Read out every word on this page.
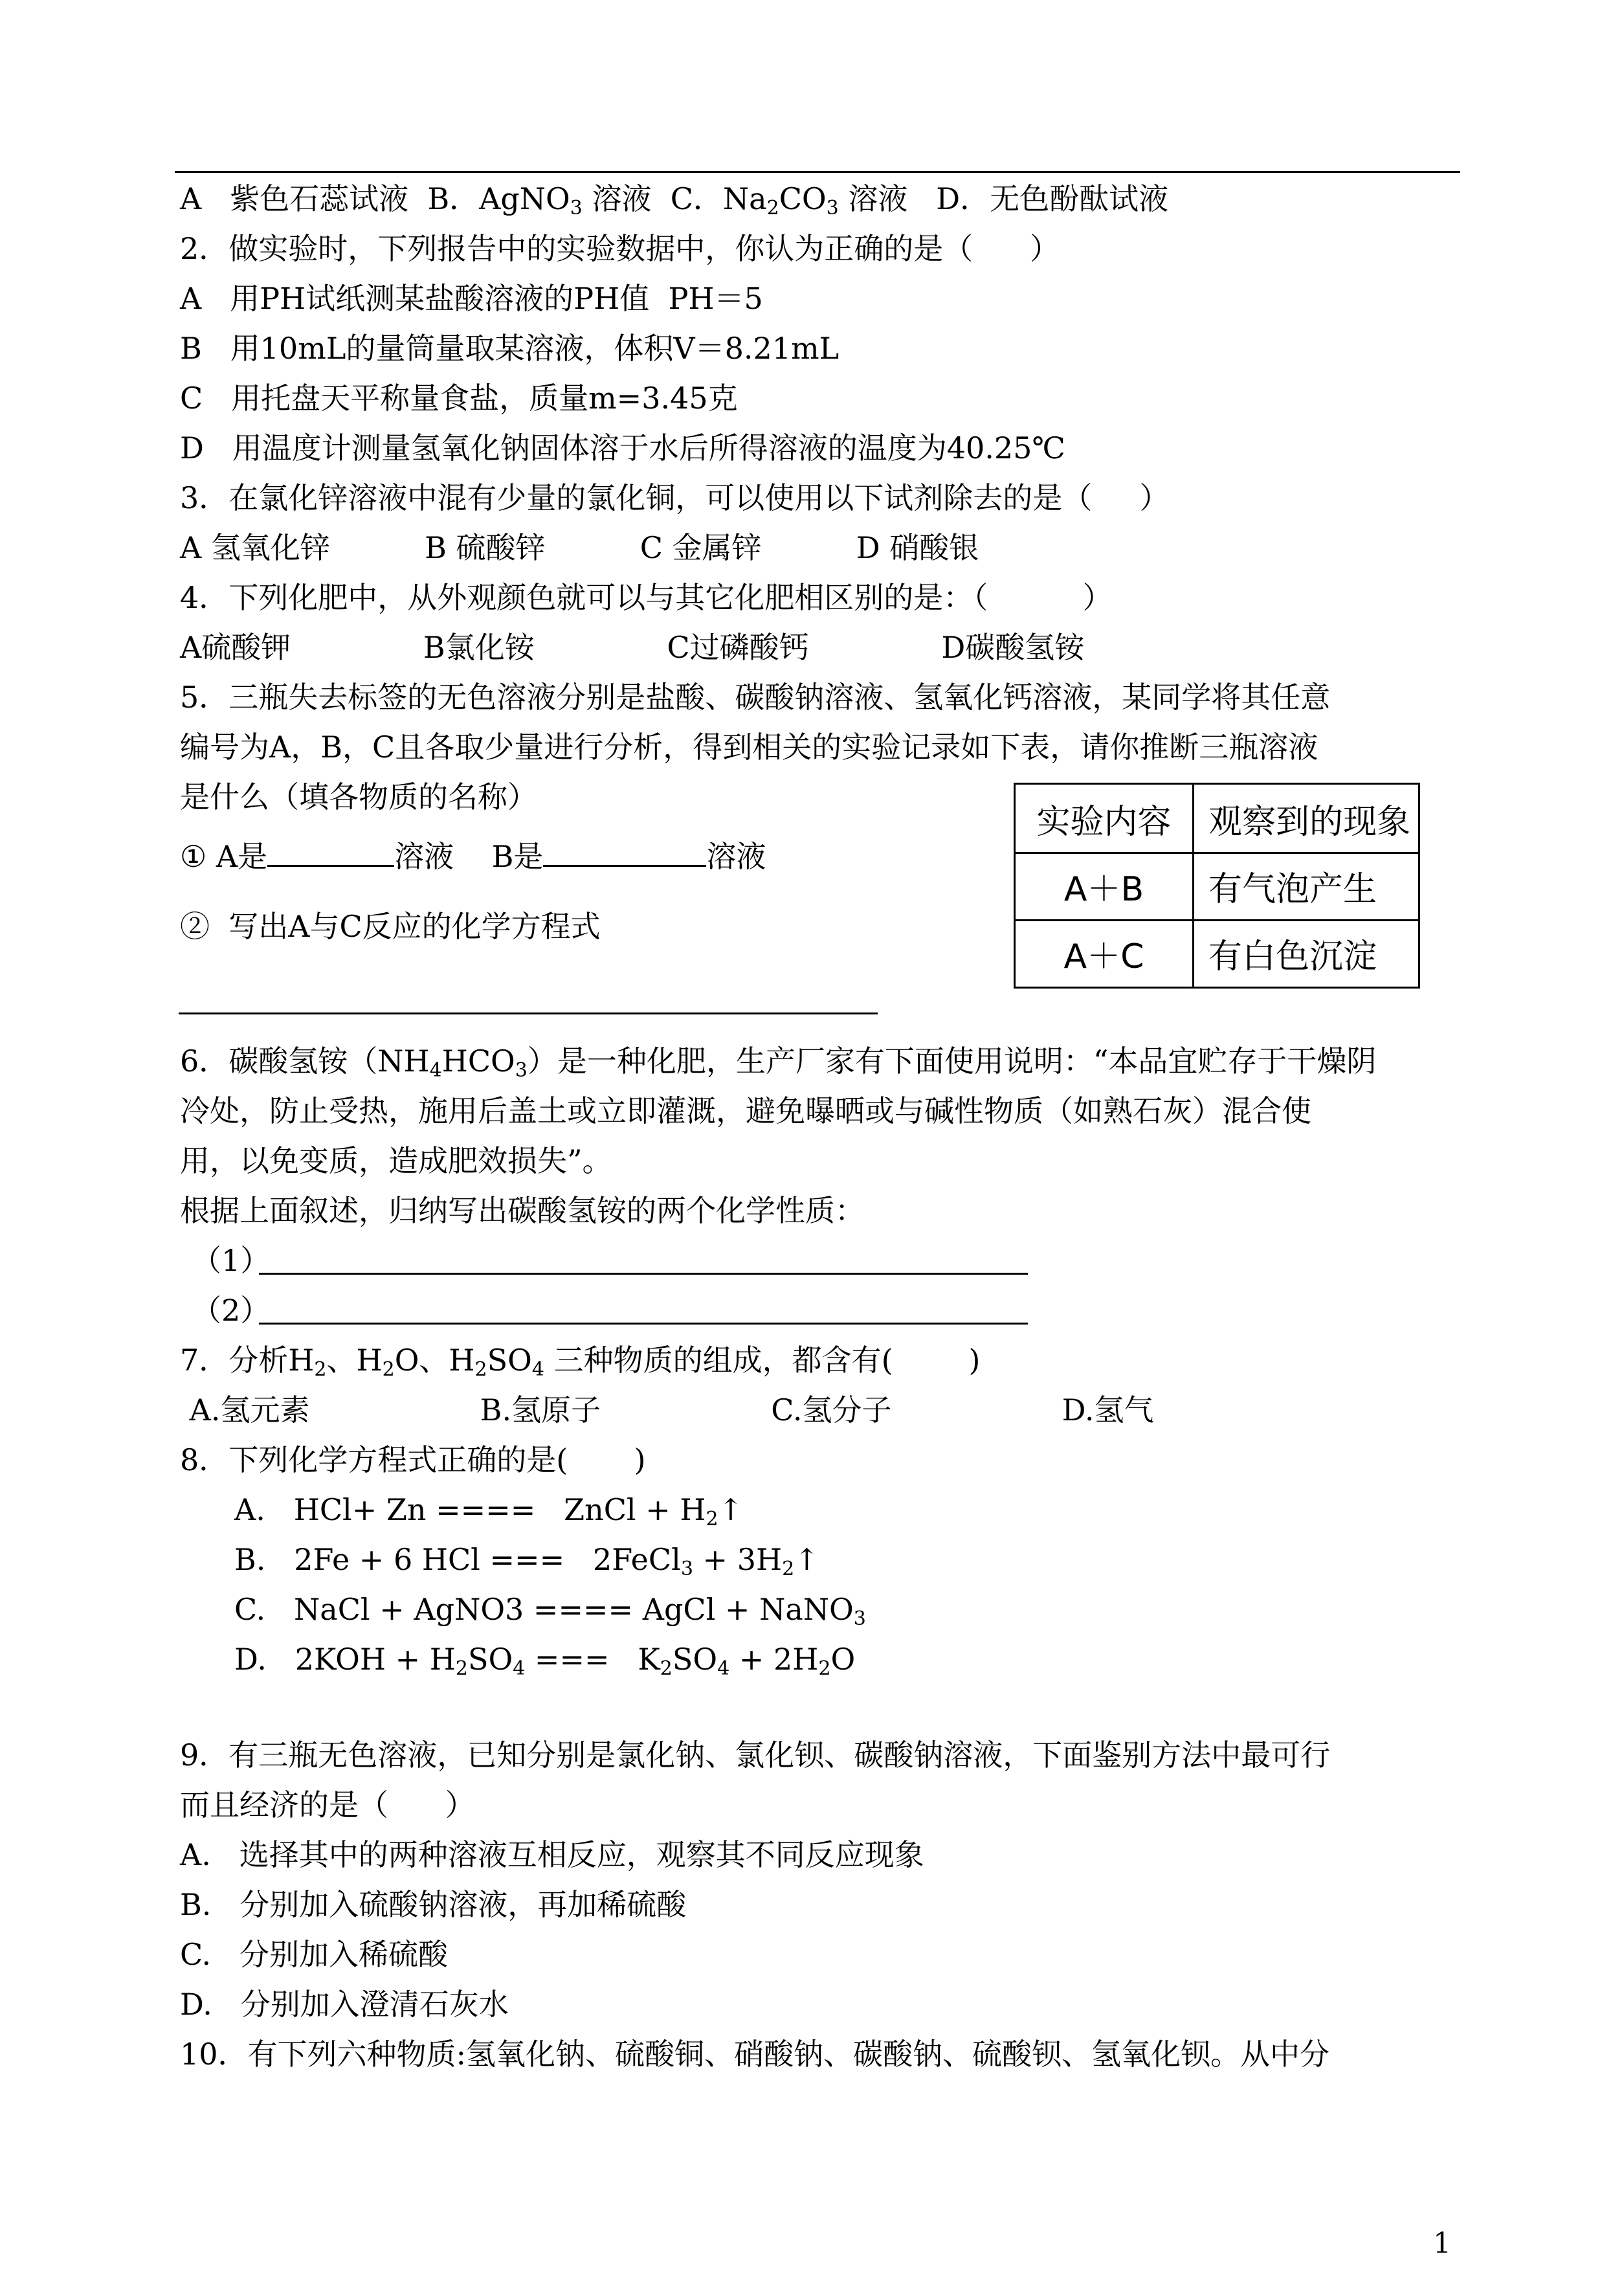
A   紫色石蕊试液  B．AgNO$_3$ 溶液  C．$Na_2CO_3$ 溶液   D．无色酚酞试液
2．做实验时，下列报告中的实验数据中，你认为正确的是（      ）
A   用PH试纸测某盐酸溶液的PH值  PH＝5
B   用10mL的量筒量取某溶液，体积V＝8.21mL
C   用托盘天平称量食盐，质量m=3.45克
D   用温度计测量氢氧化钠固体溶于水后所得溶液的温度为40.25℃
3．在氯化锌溶液中混有少量的氯化铜，可以使用以下试剂除去的是（     ）
A 氢氧化锌          B 硫酸锌          C 金属锌          D 硝酸银
4．下列化肥中，从外观颜色就可以与其它化肥相区别的是：（          ）
A硫酸钾              B氯化铵              C过磷酸钙              D碳酸氢铵
5．三瓶失去标签的无色溶液分别是盐酸、碳酸钠溶液、氢氧化钙溶液，某同学将其任意
编号为A，B，C且各取少量进行分析，得到相关的实验记录如下表，请你推断三瓶溶液
是什么（填各物质的名称）
① A是	溶液    B是	溶液
②  写出A与C反应的化学方程式
实验内容	观察到的现象
A＋B	有气泡产生
A＋C	有白色沉淀
6．碳酸氢铵$(NH_4HCO_3)$是一种化肥，生产厂家有下面使用说明：“本品宜贮存于干燥阴
冷处，防止受热，施用后盖土或立即灌溉，避免曝晒或与碱性物质（如熟石灰）混合使
用，以免变质，造成肥效损失”。
根据上面叙述，归纳写出碳酸氢铵的两个化学性质：
（1）
（2）
7．分析$H_2$、$H_2O$、$H_2SO_4$ 三种物质的组成，都含有(        )
A.氢元素                  B.氢原子                  C.氢分子                  D.氢气
8．下列化学方程式正确的是(       )
A.   HCl+ Zn ====   ZnCl + $H_2↑$
B.   2Fe + 6 HCl ===   2FeCl$_3$ + $3H_2↑$
C.   NaCl + AgNO3 ==== AgCl + NaNO$_3$
D.   $2KOH + H_2SO_4$ ===   $K_2SO_4 + 2H_2O$
9．有三瓶无色溶液，已知分别是氯化钠、氯化钡、碳酸钠溶液，下面鉴别方法中最可行
而且经济的是（      ）
A.   选择其中的两种溶液互相反应，观察其不同反应现象
B.   分别加入硫酸钠溶液，再加稀硫酸
C.   分别加入稀硫酸
D.   分别加入澄清石灰水
10．有下列六种物质:氢氧化钠、硫酸铜、硝酸钠、碳酸钠、硫酸钡、氢氧化钡。从中分
1
